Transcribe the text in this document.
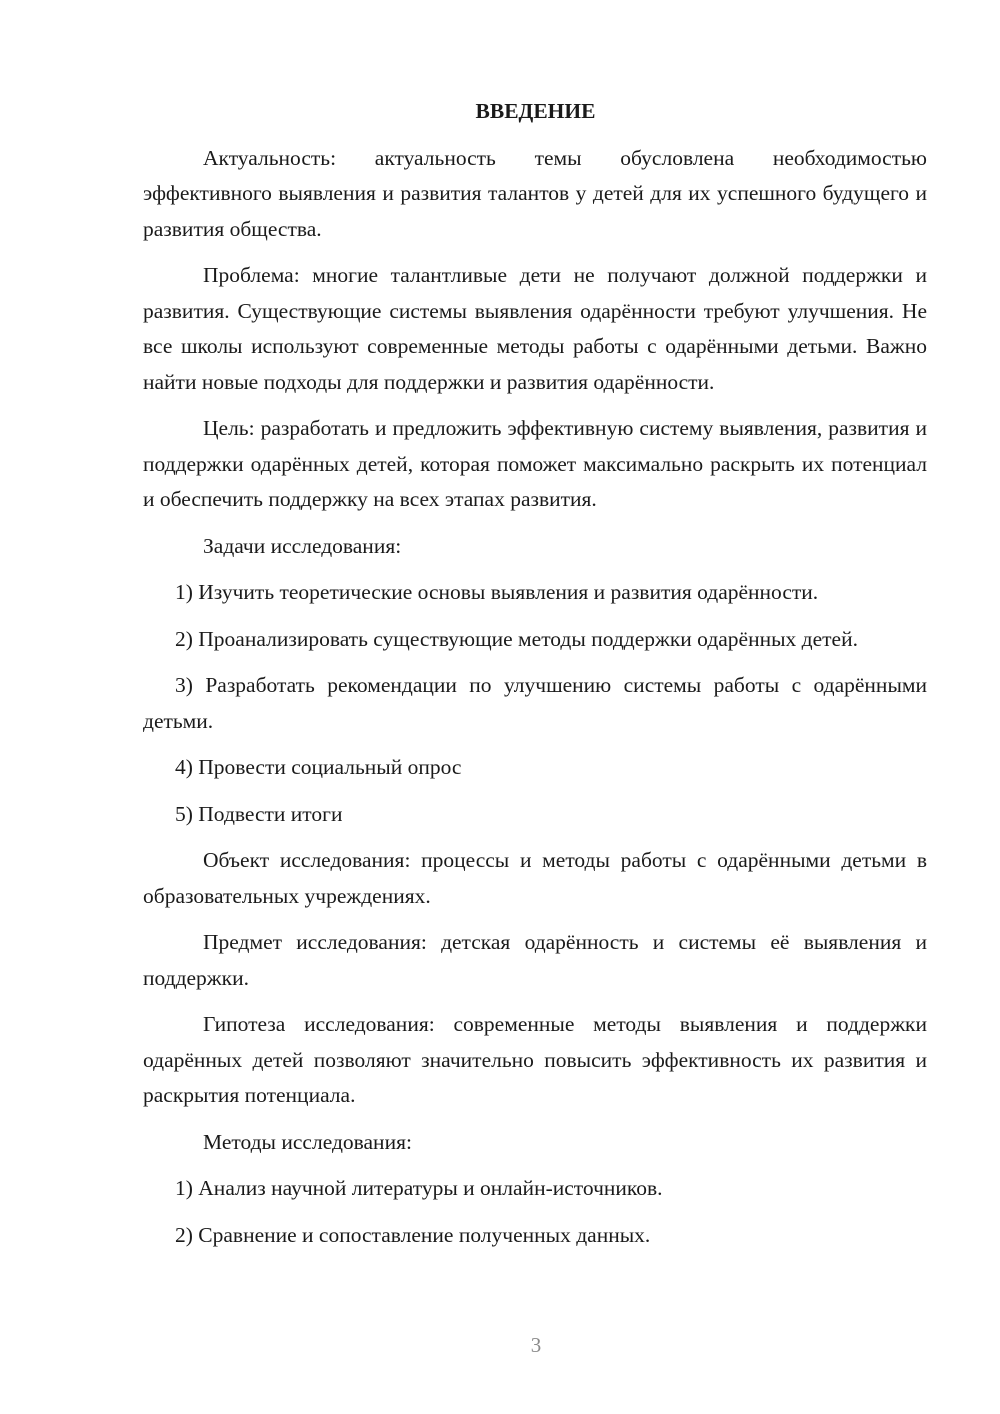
ВВЕДЕНИЕ

Актуальность: актуальность темы обусловлена необходимостью эффективного выявления и развития талантов у детей для их успешного будущего и развития общества.

Проблема: многие талантливые дети не получают должной поддержки и развития. Существующие системы выявления одарённости требуют улучшения. Не все школы используют современные методы работы с одарёнными детьми. Важно найти новые подходы для поддержки и развития одарённости.

Цель: разработать и предложить эффективную систему выявления, развития и поддержки одарённых детей, которая поможет максимально раскрыть их потенциал и обеспечить поддержку на всех этапах развития.

Задачи исследования:

1) Изучить теоретические основы выявления и развития одарённости.

2) Проанализировать существующие методы поддержки одарённых детей.

3) Разработать рекомендации по улучшению системы работы с одарёнными детьми.

4) Провести социальный опрос

5) Подвести итоги

Объект исследования: процессы и методы работы с одарёнными детьми в образовательных учреждениях.

Предмет исследования: детская одарённость и системы её выявления и поддержки.

Гипотеза исследования: современные методы выявления и поддержки одарённых детей позволяют значительно повысить эффективность их развития и раскрытия потенциала.

Методы исследования:

1) Анализ научной литературы и онлайн-источников.

2) Сравнение и сопоставление полученных данных.

3
